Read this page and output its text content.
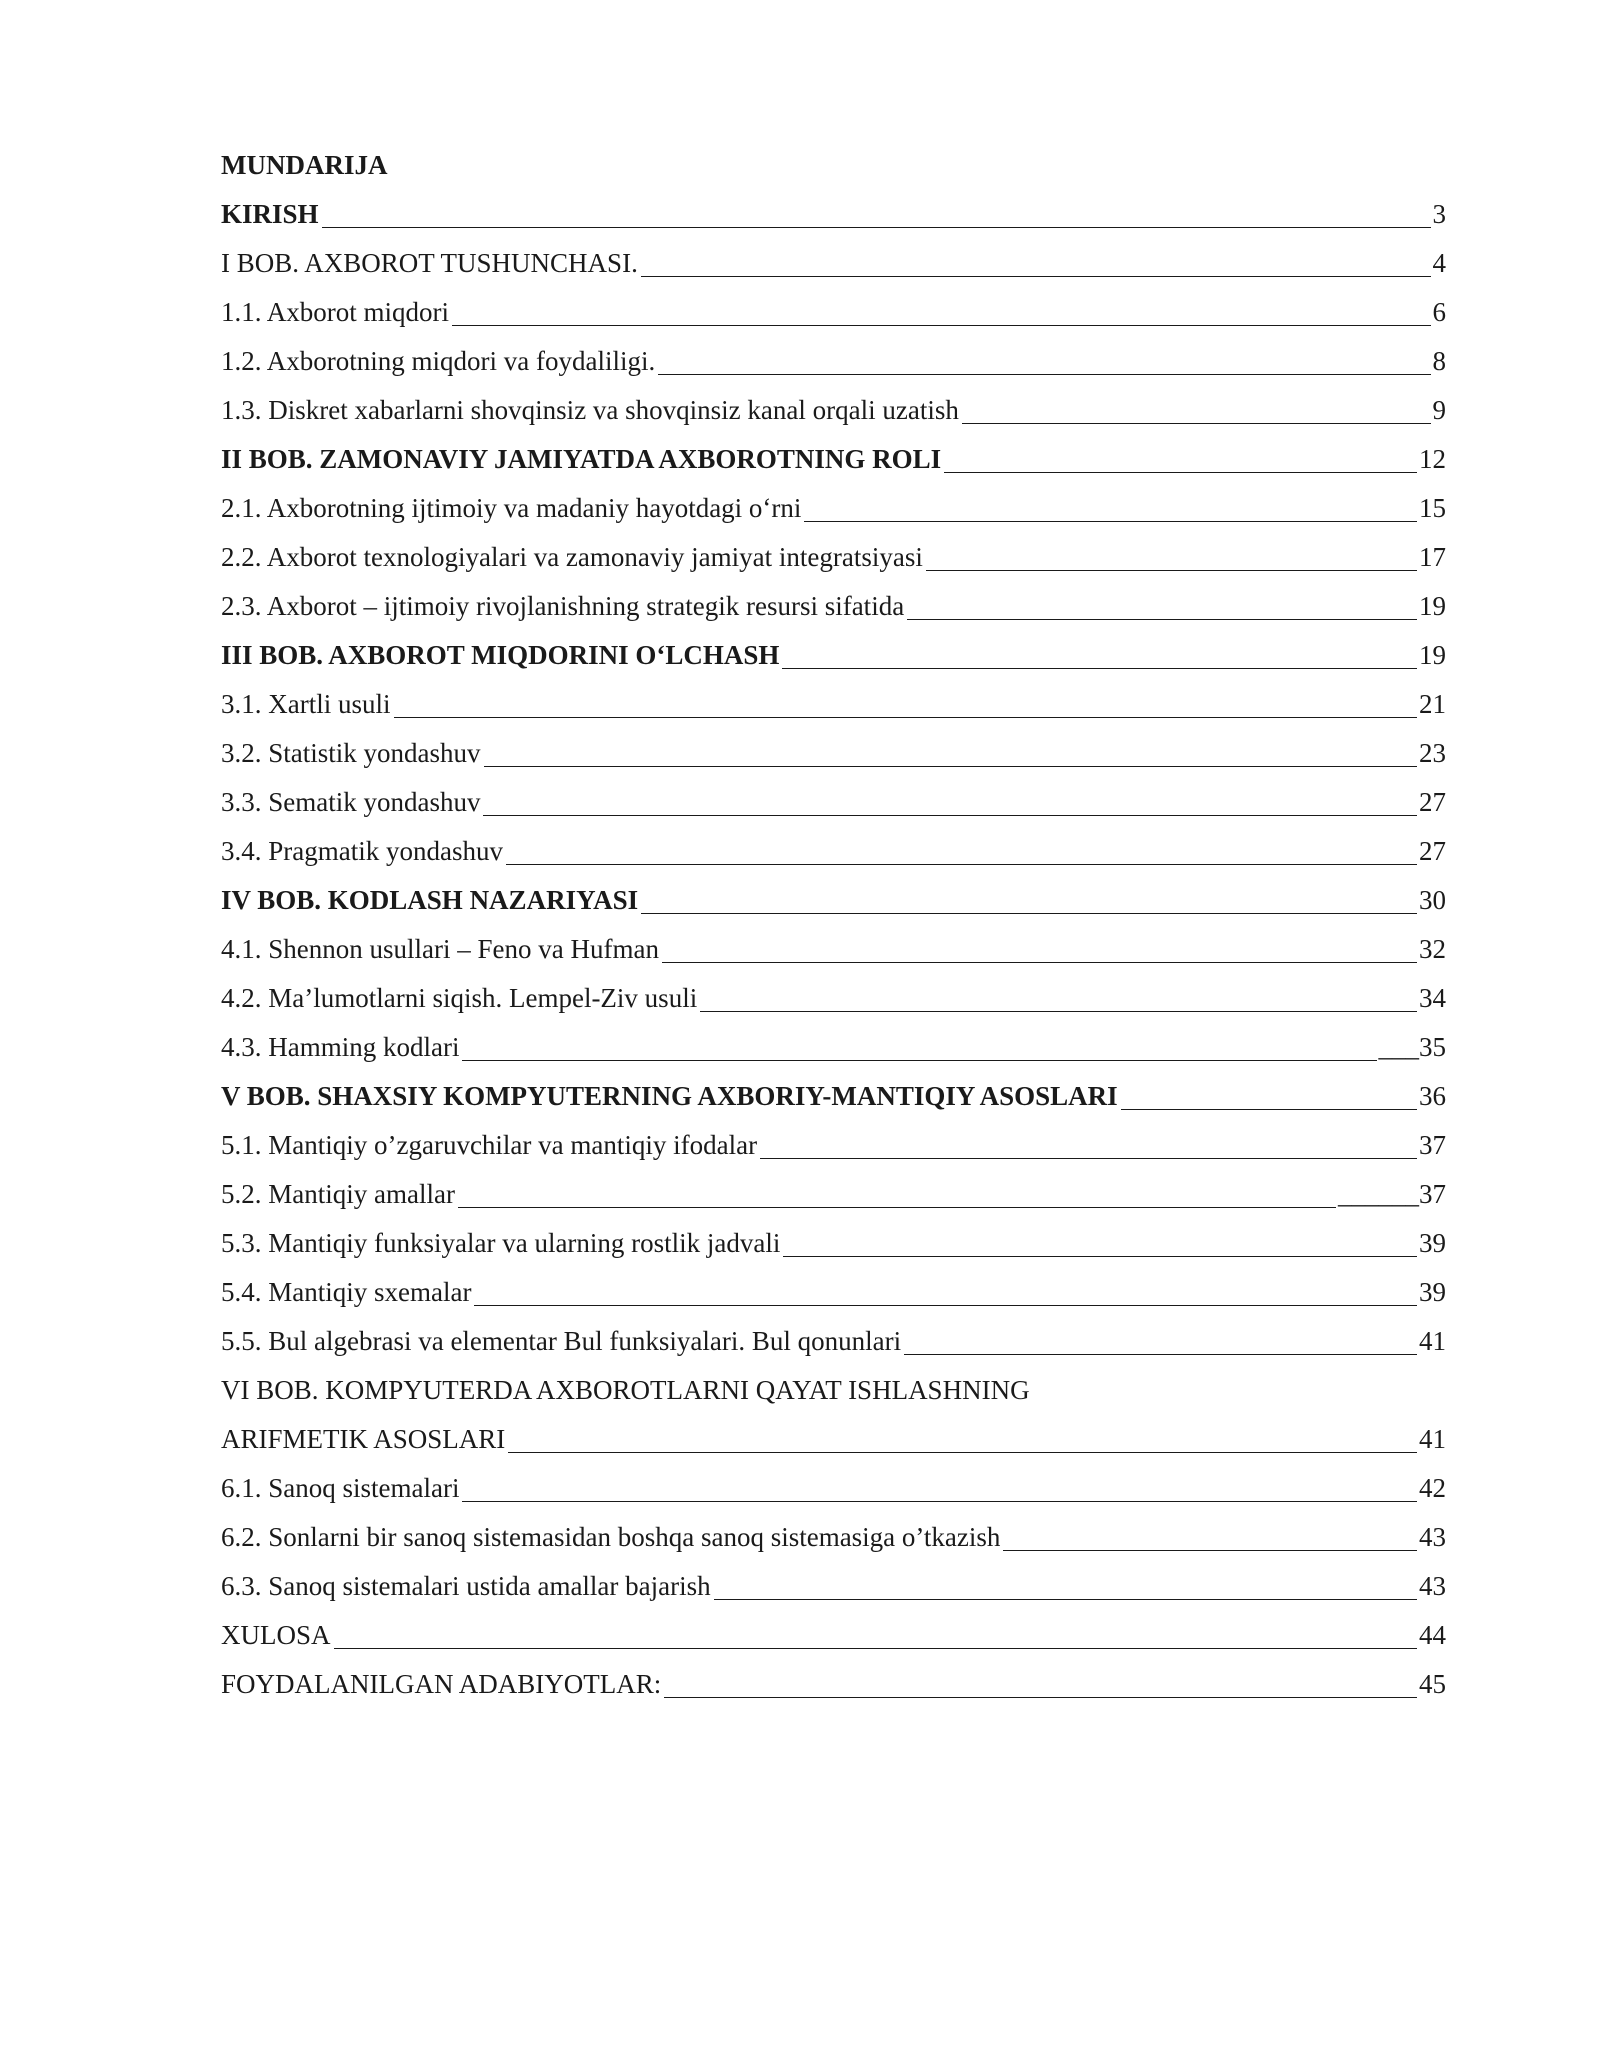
MUNDARIJA
KIRISH	3
I BOB. AXBOROT TUSHUNCHASI.	4
1.1. Axborot miqdori	6
1.2. Axborotning miqdori va foydaliligi.	8
1.3. Diskret xabarlarni shovqinsiz va shovqinsiz kanal orqali uzatish	9
II BOB. ZAMONAVIY JAMIYATDA AXBOROTNING ROLI	12
2.1. Axborotning ijtimoiy va madaniy hayotdagi o‘rni	15
2.2. Axborot texnologiyalari va zamonaviy jamiyat integratsiyasi	17
2.3. Axborot – ijtimoiy rivojlanishning strategik resursi sifatida	19
III BOB. AXBOROT MIQDORINI O‘LCHASH	19
3.1. Xartli usuli	21
3.2. Statistik yondashuv	23
3.3. Sematik yondashuv	27
3.4. Pragmatik yondashuv	27
IV BOB. KODLASH NAZARIYASI	30
4.1. Shennon usullari – Feno va Hufman	32
4.2. Ma’lumotlarni siqish. Lempel-Ziv usuli	34
4.3. Hamming kodlari	___35
V BOB. SHAXSIY KOMPYUTERNING AXBORIY-MANTIQIY ASOSLARI	36
5.1. Mantiqiy o’zgaruvchilar va mantiqiy ifodalar	37
5.2. Mantiqiy amallar	______37
5.3. Mantiqiy funksiyalar va ularning rostlik jadvali	39
5.4. Mantiqiy sxemalar	39
5.5. Bul algebrasi va elementar Bul funksiyalari. Bul qonunlari	41
VI BOB. KOMPYUTERDA AXBOROTLARNI QAYAT ISHLASHNING
ARIFMETIK ASOSLARI	41
6.1. Sanoq sistemalari	42
6.2. Sonlarni bir sanoq sistemasidan boshqa sanoq sistemasiga o’tkazish	43
6.3. Sanoq sistemalari ustida amallar bajarish	43
XULOSA	44
FOYDALANILGAN ADABIYOTLAR:	45
